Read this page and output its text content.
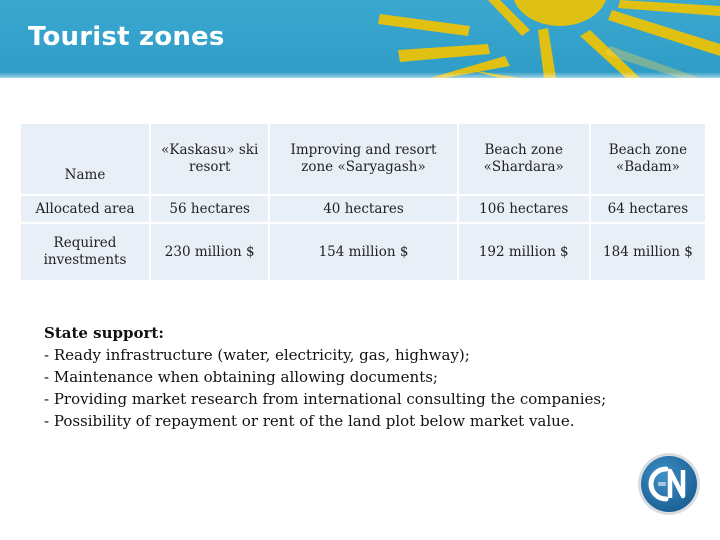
Tourist zones
Name	«Kaskasu» ski resort	Improving and resort zone «Saryagash»	Beach zone «Shardara»	Beach zone «Badam»
Allocated area	56 hectares	40 hectares	106 hectares	64 hectares
Required investments	230 million $	154 million $	192 million $	184 million $
State support:
- Ready infrastructure (water, electricity, gas, highway);
- Maintenance when obtaining allowing documents;
- Providing market research from international consulting the companies;
- Possibility of repayment or rent of the land plot below market value.
